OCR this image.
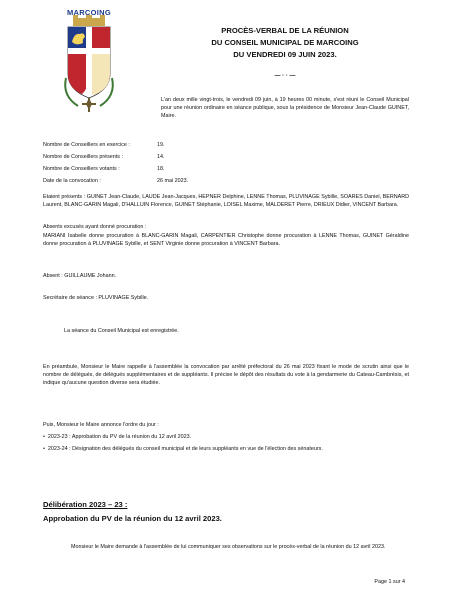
MARCOING
PROCÈS-VERBAL DE LA RÉUNION
DU CONSEIL MUNICIPAL DE MARCOING
DU VENDREDI 09 JUIN 2023.
— · · —
L'an deux mille vingt-trois, le vendredi 09 juin, à 19 heures 00 minute, s'est réuni le Conseil Municipal pour une réunion ordinaire en séance publique, sous la présidence de Monsieur Jean-Claude GUINET, Maire.
Nombre de Conseillers en exercice :	19.
Nombre de Conseillers présents :	14.
Nombre de Conseillers votants :	18.
Date de la convocation :	26 mai 2023.
Etaient présents : GUINET Jean-Claude, LAUDE Jean-Jacques, HEPNER Delphine, LENNE Thomas, PLUVINAGE Sybille, SOARES Daniel, BERNARD Laurent, BLANC-GARIN Magali, D'HALLUIN Florence, GUINET Stéphanie, LOISEL Maxime, MALDERET Pierre, DRIEUX Didier, VINCENT Barbara.
Absents excusés ayant donné procuration :
MARIANI Isabelle donne procuration à BLANC-GARIN Magali, CARPENTIER Christophe donne procuration à LENNE Thomas, GUINET Géraldine donne procuration à PLUVINAGE Sybille, et SENT Virginie donne procuration à VINCENT Barbara.
Absent : GUILLAUME Johann.
Secrétaire de séance : PLUVINAGE Sybille.
La séance du Conseil Municipal est enregistrée.
En préambule, Monsieur le Maire rappelle à l'assemblée la convocation par arrêté préfectoral du 26 mai 2023 fixant le mode de scrutin ainsi que le nombre de délégués, de délégués supplémentaires et de suppléants. Il précise le dépôt des résultats du vote à la gendarmerie du Cateau-Cambrésis, et indique qu'aucune question diverse sera étudiée.
Puis, Monsieur le Maire annonce l'ordre du jour :
•  2023-23 : Approbation du PV de la réunion du 12 avril 2023.
•  2023-24 : Désignation des délégués du conseil municipal et de leurs suppléants en vue de l'élection des sénateurs.
Délibération 2023 – 23 :
Approbation du PV de la réunion du 12 avril 2023.
Monsieur le Maire demande à l'assemblée de lui communiquer ses observations sur le procès-verbal de la réunion du 12 avril 2023.
Page 1 sur 4
